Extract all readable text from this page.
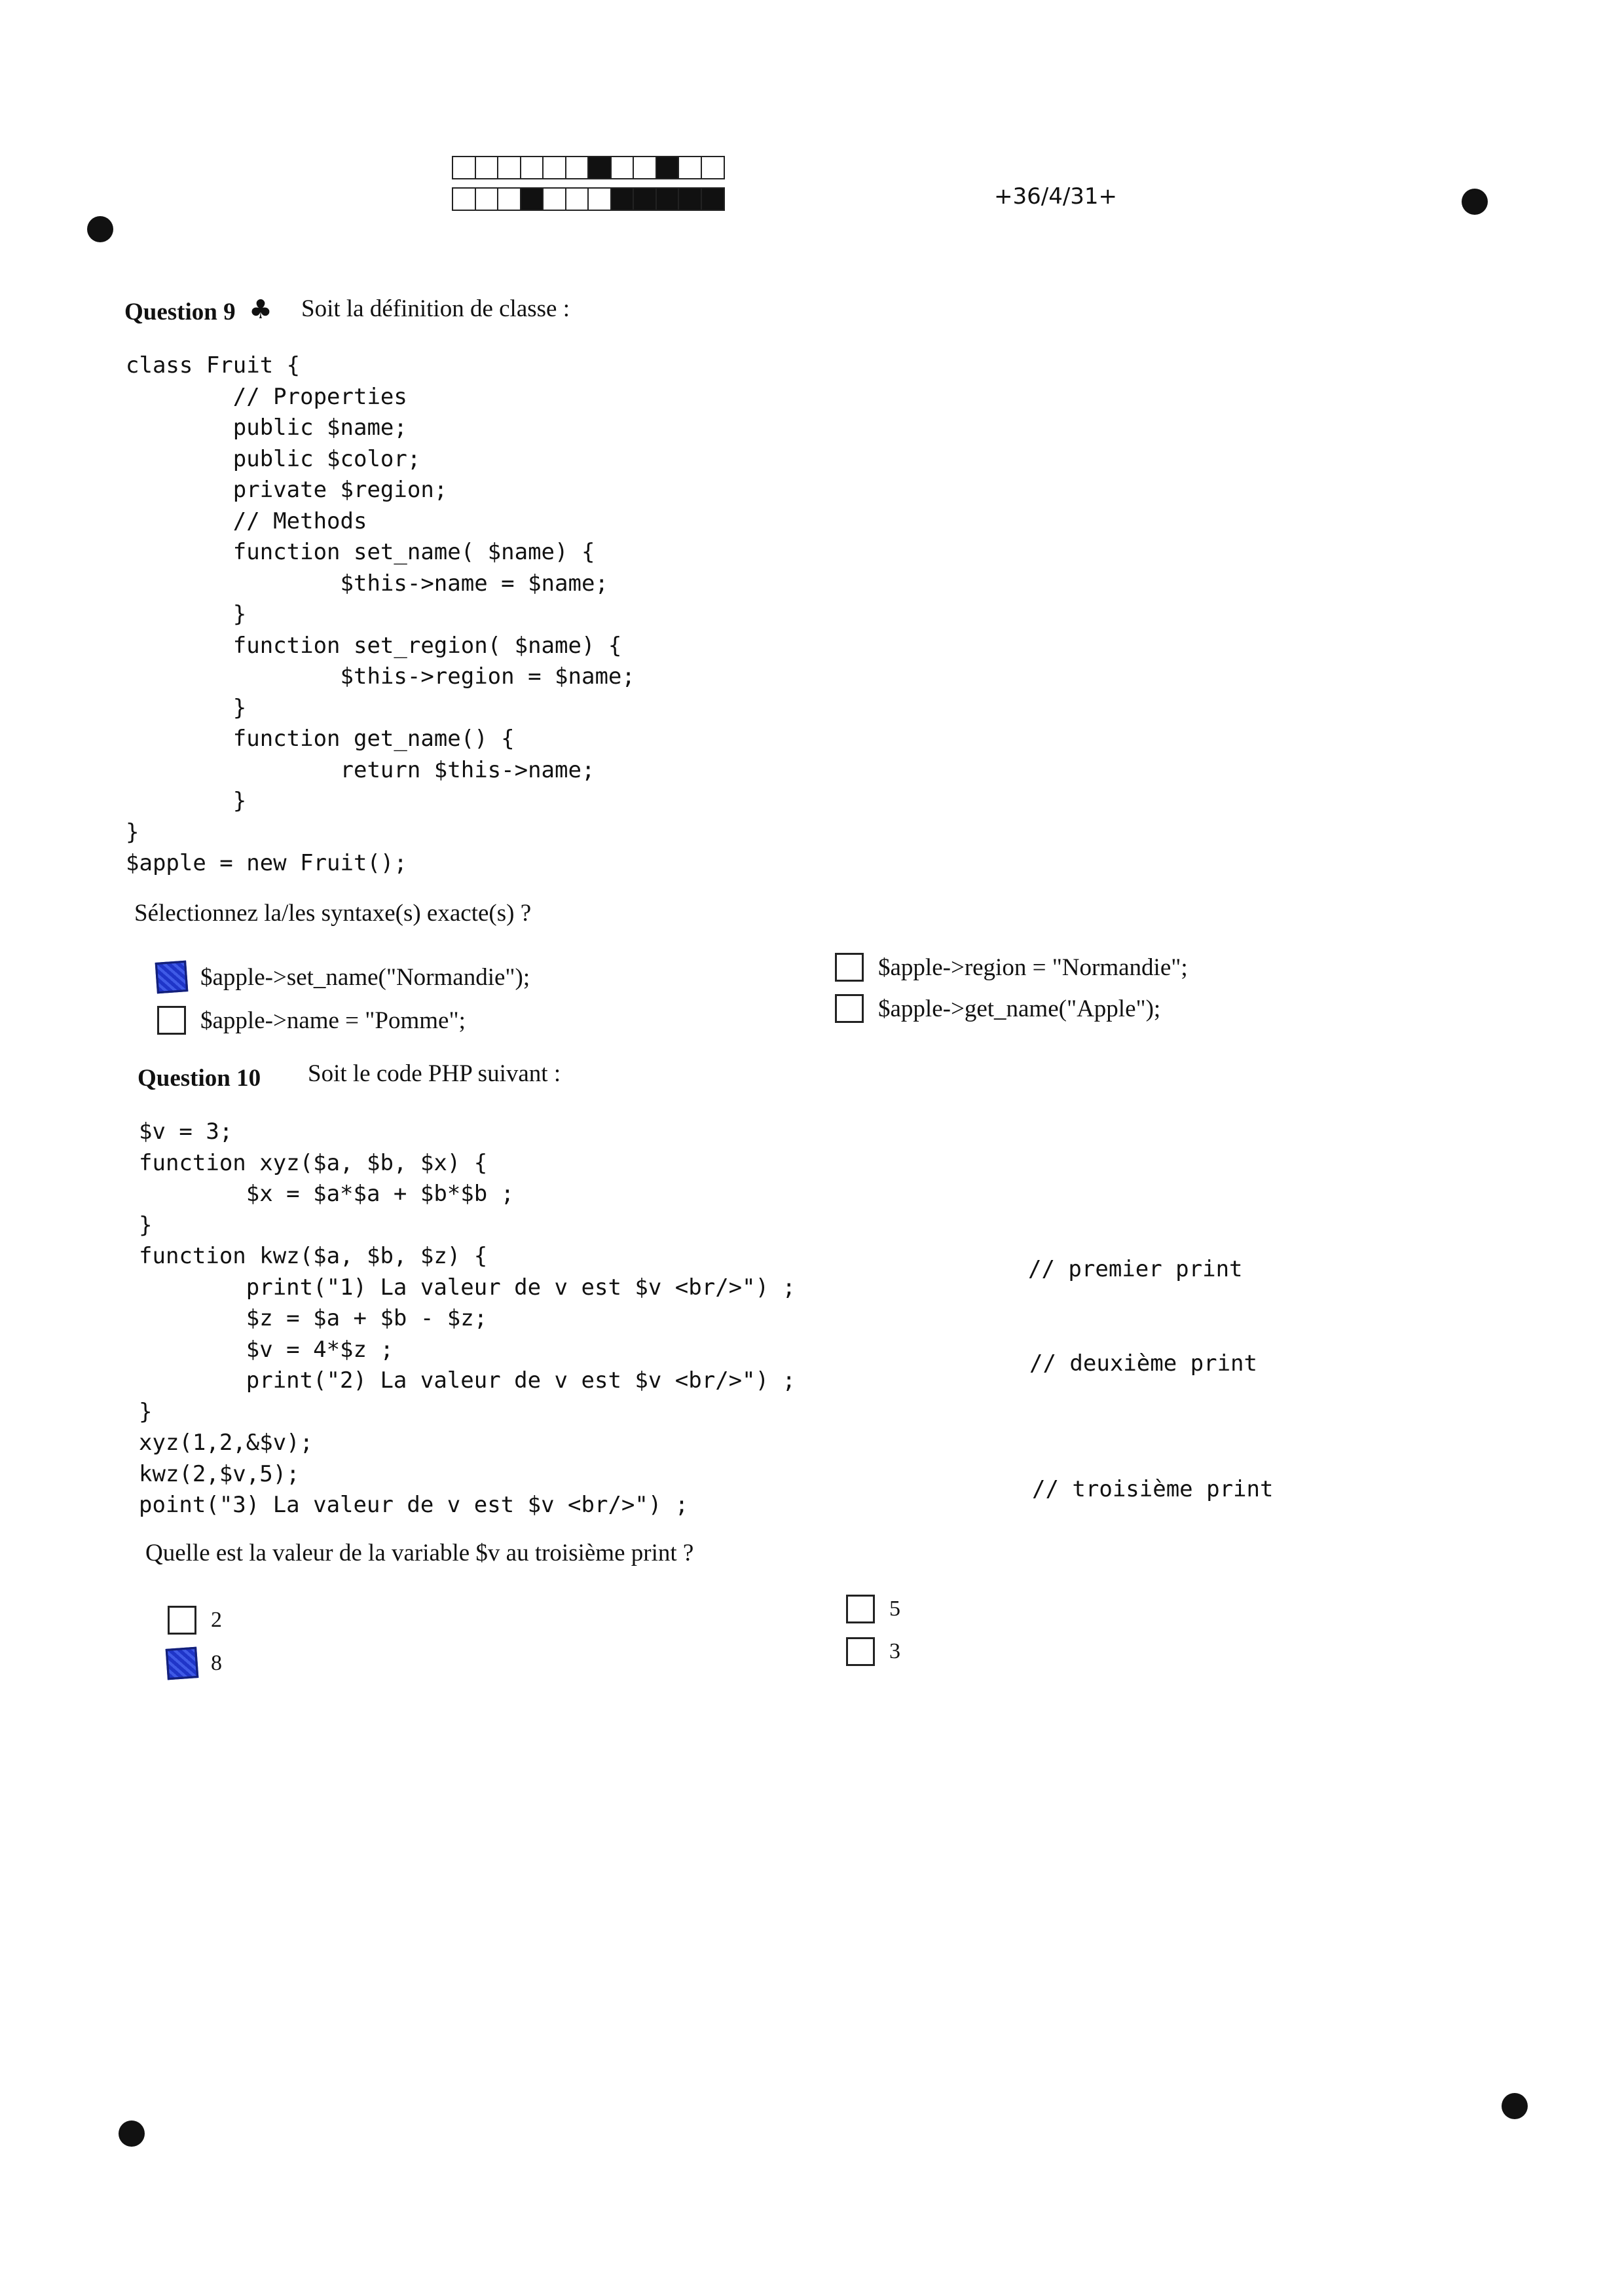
+36/4/31+
Question 9 ♣ Soit la définition de classe :
class Fruit {
// Properties
public $name;
public $color;
private $region;
// Methods
function set_name( $name) {
$this->name = $name;
}
function set_region( $name) {
$this->region = $name;
}
function get_name() {
return $this->name;
}
}
$apple = new Fruit();
Sélectionnez la/les syntaxe(s) exacte(s) ?
$apple->set_name("Normandie");
$apple->name = "Pomme";
$apple->region = "Normandie";
$apple->get_name("Apple");
Question 10 Soit le code PHP suivant :
$v = 3;
function xyz($a, $b, $x) {
$x = $a*$a + $b*$b ;
}
function kwz($a, $b, $z) {
print("1) La valeur de v est $v <br/>") ;
$z = $a + $b - $z;
$v = 4*$z ;
print("2) La valeur de v est $v <br/>") ;
}
xyz(1,2,&$v);
kwz(2,$v,5);
point("3) La valeur de v est $v <br/>") ;
// premier print
// deuxième print
// troisième print
Quelle est la valeur de la variable $v au troisième print ?
2
8
5
3
